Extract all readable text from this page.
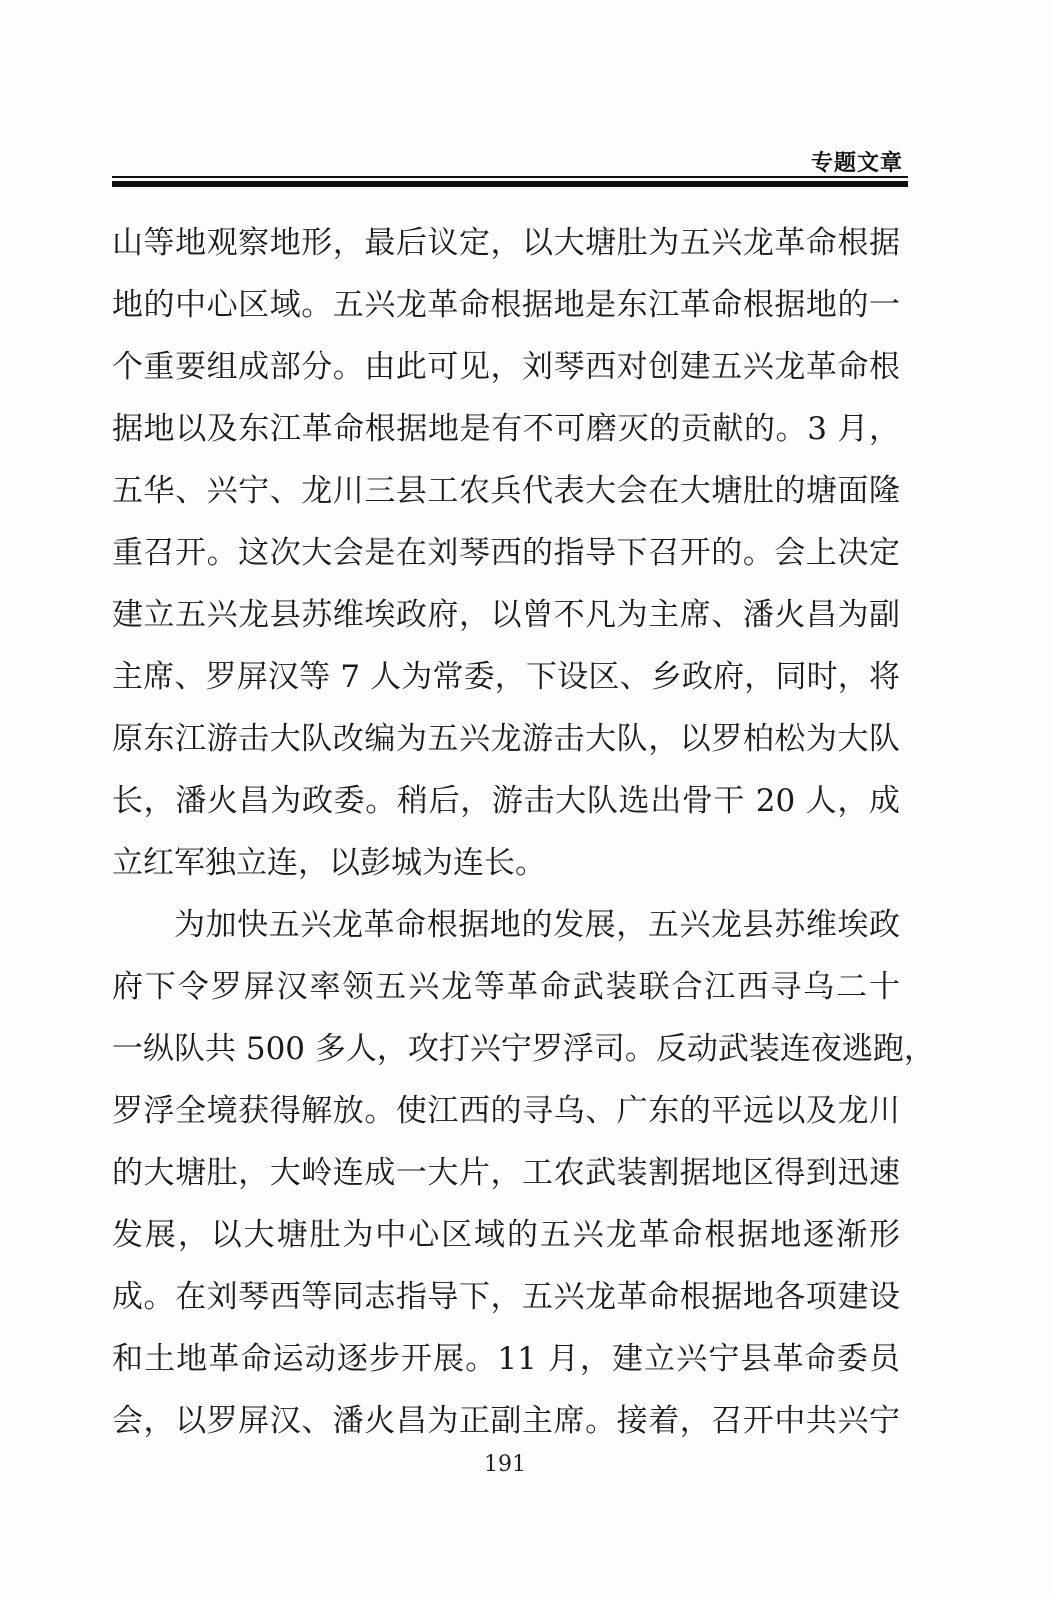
专题文章
山等地观察地形，最后议定，以大塘肚为五兴龙革命根据
地的中心区域。五兴龙革命根据地是东江革命根据地的一
个重要组成部分。由此可见，刘琴西对创建五兴龙革命根
据地以及东江革命根据地是有不可磨灭的贡献的。3 月，
五华、兴宁、龙川三县工农兵代表大会在大塘肚的塘面隆
重召开。这次大会是在刘琴西的指导下召开的。会上决定
建立五兴龙县苏维埃政府，以曾不凡为主席、潘火昌为副
主席、罗屏汉等 7 人为常委，下设区、乡政府，同时，将
原东江游击大队改编为五兴龙游击大队，以罗柏松为大队
长，潘火昌为政委。稍后，游击大队选出骨干 20 人，成
立红军独立连，以彭城为连长。
为加快五兴龙革命根据地的发展，五兴龙县苏维埃政
府下令罗屏汉率领五兴龙等革命武装联合江西寻乌二十
一纵队共 500 多人，攻打兴宁罗浮司。反动武装连夜逃跑，
罗浮全境获得解放。使江西的寻乌、广东的平远以及龙川
的大塘肚，大岭连成一大片，工农武装割据地区得到迅速
发展，以大塘肚为中心区域的五兴龙革命根据地逐渐形
成。在刘琴西等同志指导下，五兴龙革命根据地各项建设
和土地革命运动逐步开展。11 月，建立兴宁县革命委员
会，以罗屏汉、潘火昌为正副主席。接着，召开中共兴宁
191
